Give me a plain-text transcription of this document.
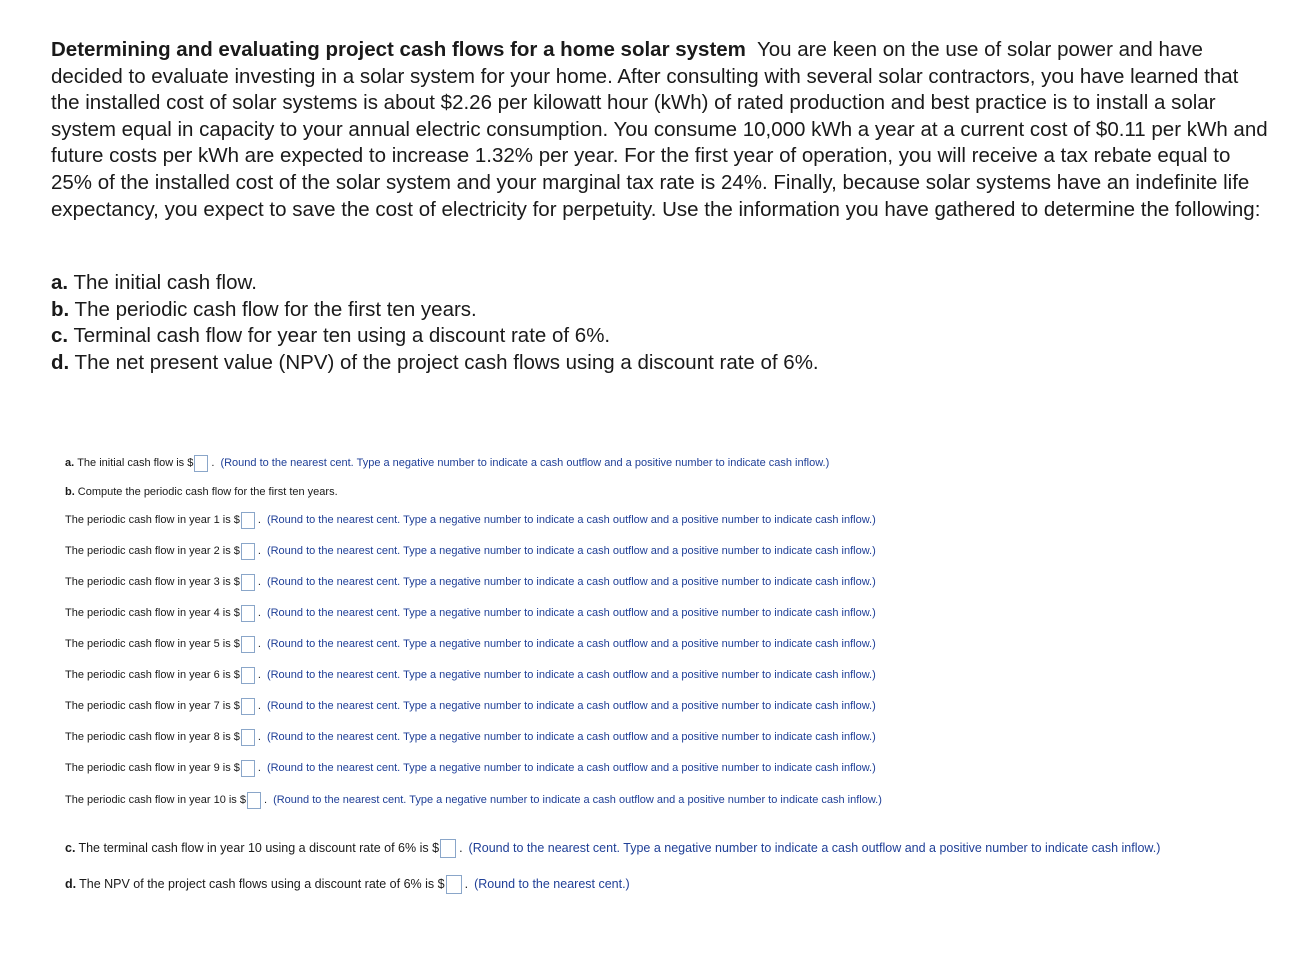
Determining and evaluating project cash flows for a home solar system You are keen on the use of solar power and have decided to evaluate investing in a solar system for your home. After consulting with several solar contractors, you have learned that the installed cost of solar systems is about $2.26 per kilowatt hour (kWh) of rated production and best practice is to install a solar system equal in capacity to your annual electric consumption. You consume 10,000 kWh a year at a current cost of $0.11 per kWh and future costs per kWh are expected to increase 1.32% per year. For the first year of operation, you will receive a tax rebate equal to 25% of the installed cost of the solar system and your marginal tax rate is 24%. Finally, because solar systems have an indefinite life expectancy, you expect to save the cost of electricity for perpetuity. Use the information you have gathered to determine the following:

a. The initial cash flow.
b. The periodic cash flow for the first ten years.
c. Terminal cash flow for year ten using a discount rate of 6%.
d. The net present value (NPV) of the project cash flows using a discount rate of 6%.
a. The initial cash flow is
$ . (Round to the nearest cent. Type a negative number to indicate a cash outflow and a positive number to indicate cash inflow.)
b. Compute the periodic cash flow for the first ten years.
The periodic cash flow in year 1 is
$ . (Round to the nearest cent. Type a negative number to indicate a cash outflow and a positive number to indicate cash inflow.)
The periodic cash flow in year 2 is
$ . (Round to the nearest cent. Type a negative number to indicate a cash outflow and a positive number to indicate cash inflow.)
The periodic cash flow in year 3 is
$ . (Round to the nearest cent. Type a negative number to indicate a cash outflow and a positive number to indicate cash inflow.)
The periodic cash flow in year 4 is
$ . (Round to the nearest cent. Type a negative number to indicate a cash outflow and a positive number to indicate cash inflow.)
The periodic cash flow in year 5 is
$ . (Round to the nearest cent. Type a negative number to indicate a cash outflow and a positive number to indicate cash inflow.)
The periodic cash flow in year 6 is
$ . (Round to the nearest cent. Type a negative number to indicate a cash outflow and a positive number to indicate cash inflow.)
The periodic cash flow in year 7 is
$ . (Round to the nearest cent. Type a negative number to indicate a cash outflow and a positive number to indicate cash inflow.)
The periodic cash flow in year 8 is
$ . (Round to the nearest cent. Type a negative number to indicate a cash outflow and a positive number to indicate cash inflow.)
The periodic cash flow in year 9 is
$ . (Round to the nearest cent. Type a negative number to indicate a cash outflow and a positive number to indicate cash inflow.)
The periodic cash flow in year 10 is
$ . (Round to the nearest cent. Type a negative number to indicate a cash outflow and a positive number to indicate cash inflow.)
c. The terminal cash flow in year 10 using a discount rate of 6% is
$ . (Round to the nearest cent. Type a negative number to indicate a cash outflow and a positive number to indicate cash inflow.)
d. The NPV of the project cash flows using a discount rate of 6% is
$ . (Round to the nearest cent.)
